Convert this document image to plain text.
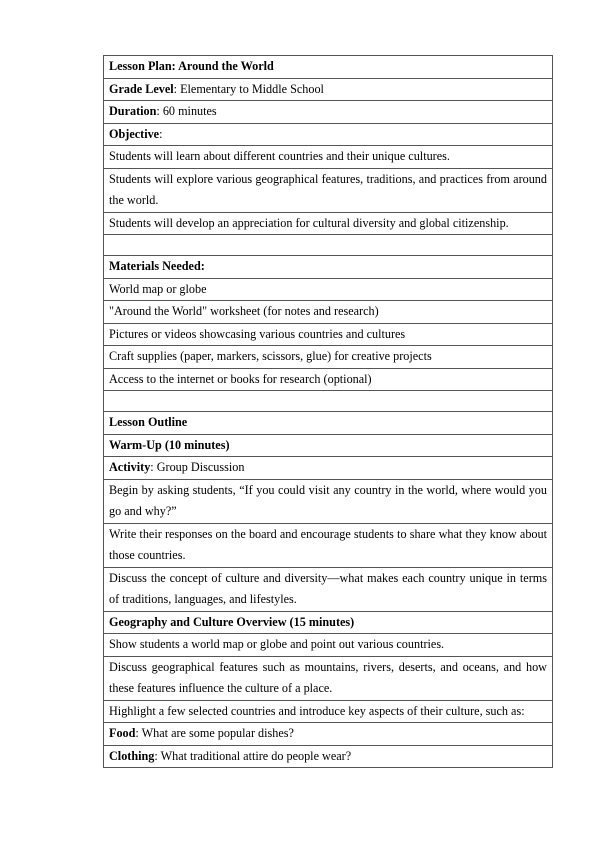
Lesson Plan: Around the World
Grade Level: Elementary to Middle School
Duration: 60 minutes
Objective:
Students will learn about different countries and their unique cultures.
Students will explore various geographical features, traditions, and practices from around the world.
Students will develop an appreciation for cultural diversity and global citizenship.

Materials Needed:
World map or globe
"Around the World" worksheet (for notes and research)
Pictures or videos showcasing various countries and cultures
Craft supplies (paper, markers, scissors, glue) for creative projects
Access to the internet or books for research (optional)

Lesson Outline
Warm-Up (10 minutes)
Activity: Group Discussion
Begin by asking students, “If you could visit any country in the world, where would you go and why?”
Write their responses on the board and encourage students to share what they know about those countries.
Discuss the concept of culture and diversity—what makes each country unique in terms of traditions, languages, and lifestyles.
Geography and Culture Overview (15 minutes)
Show students a world map or globe and point out various countries.
Discuss geographical features such as mountains, rivers, deserts, and oceans, and how these features influence the culture of a place.
Highlight a few selected countries and introduce key aspects of their culture, such as:
Food: What are some popular dishes?
Clothing: What traditional attire do people wear?
